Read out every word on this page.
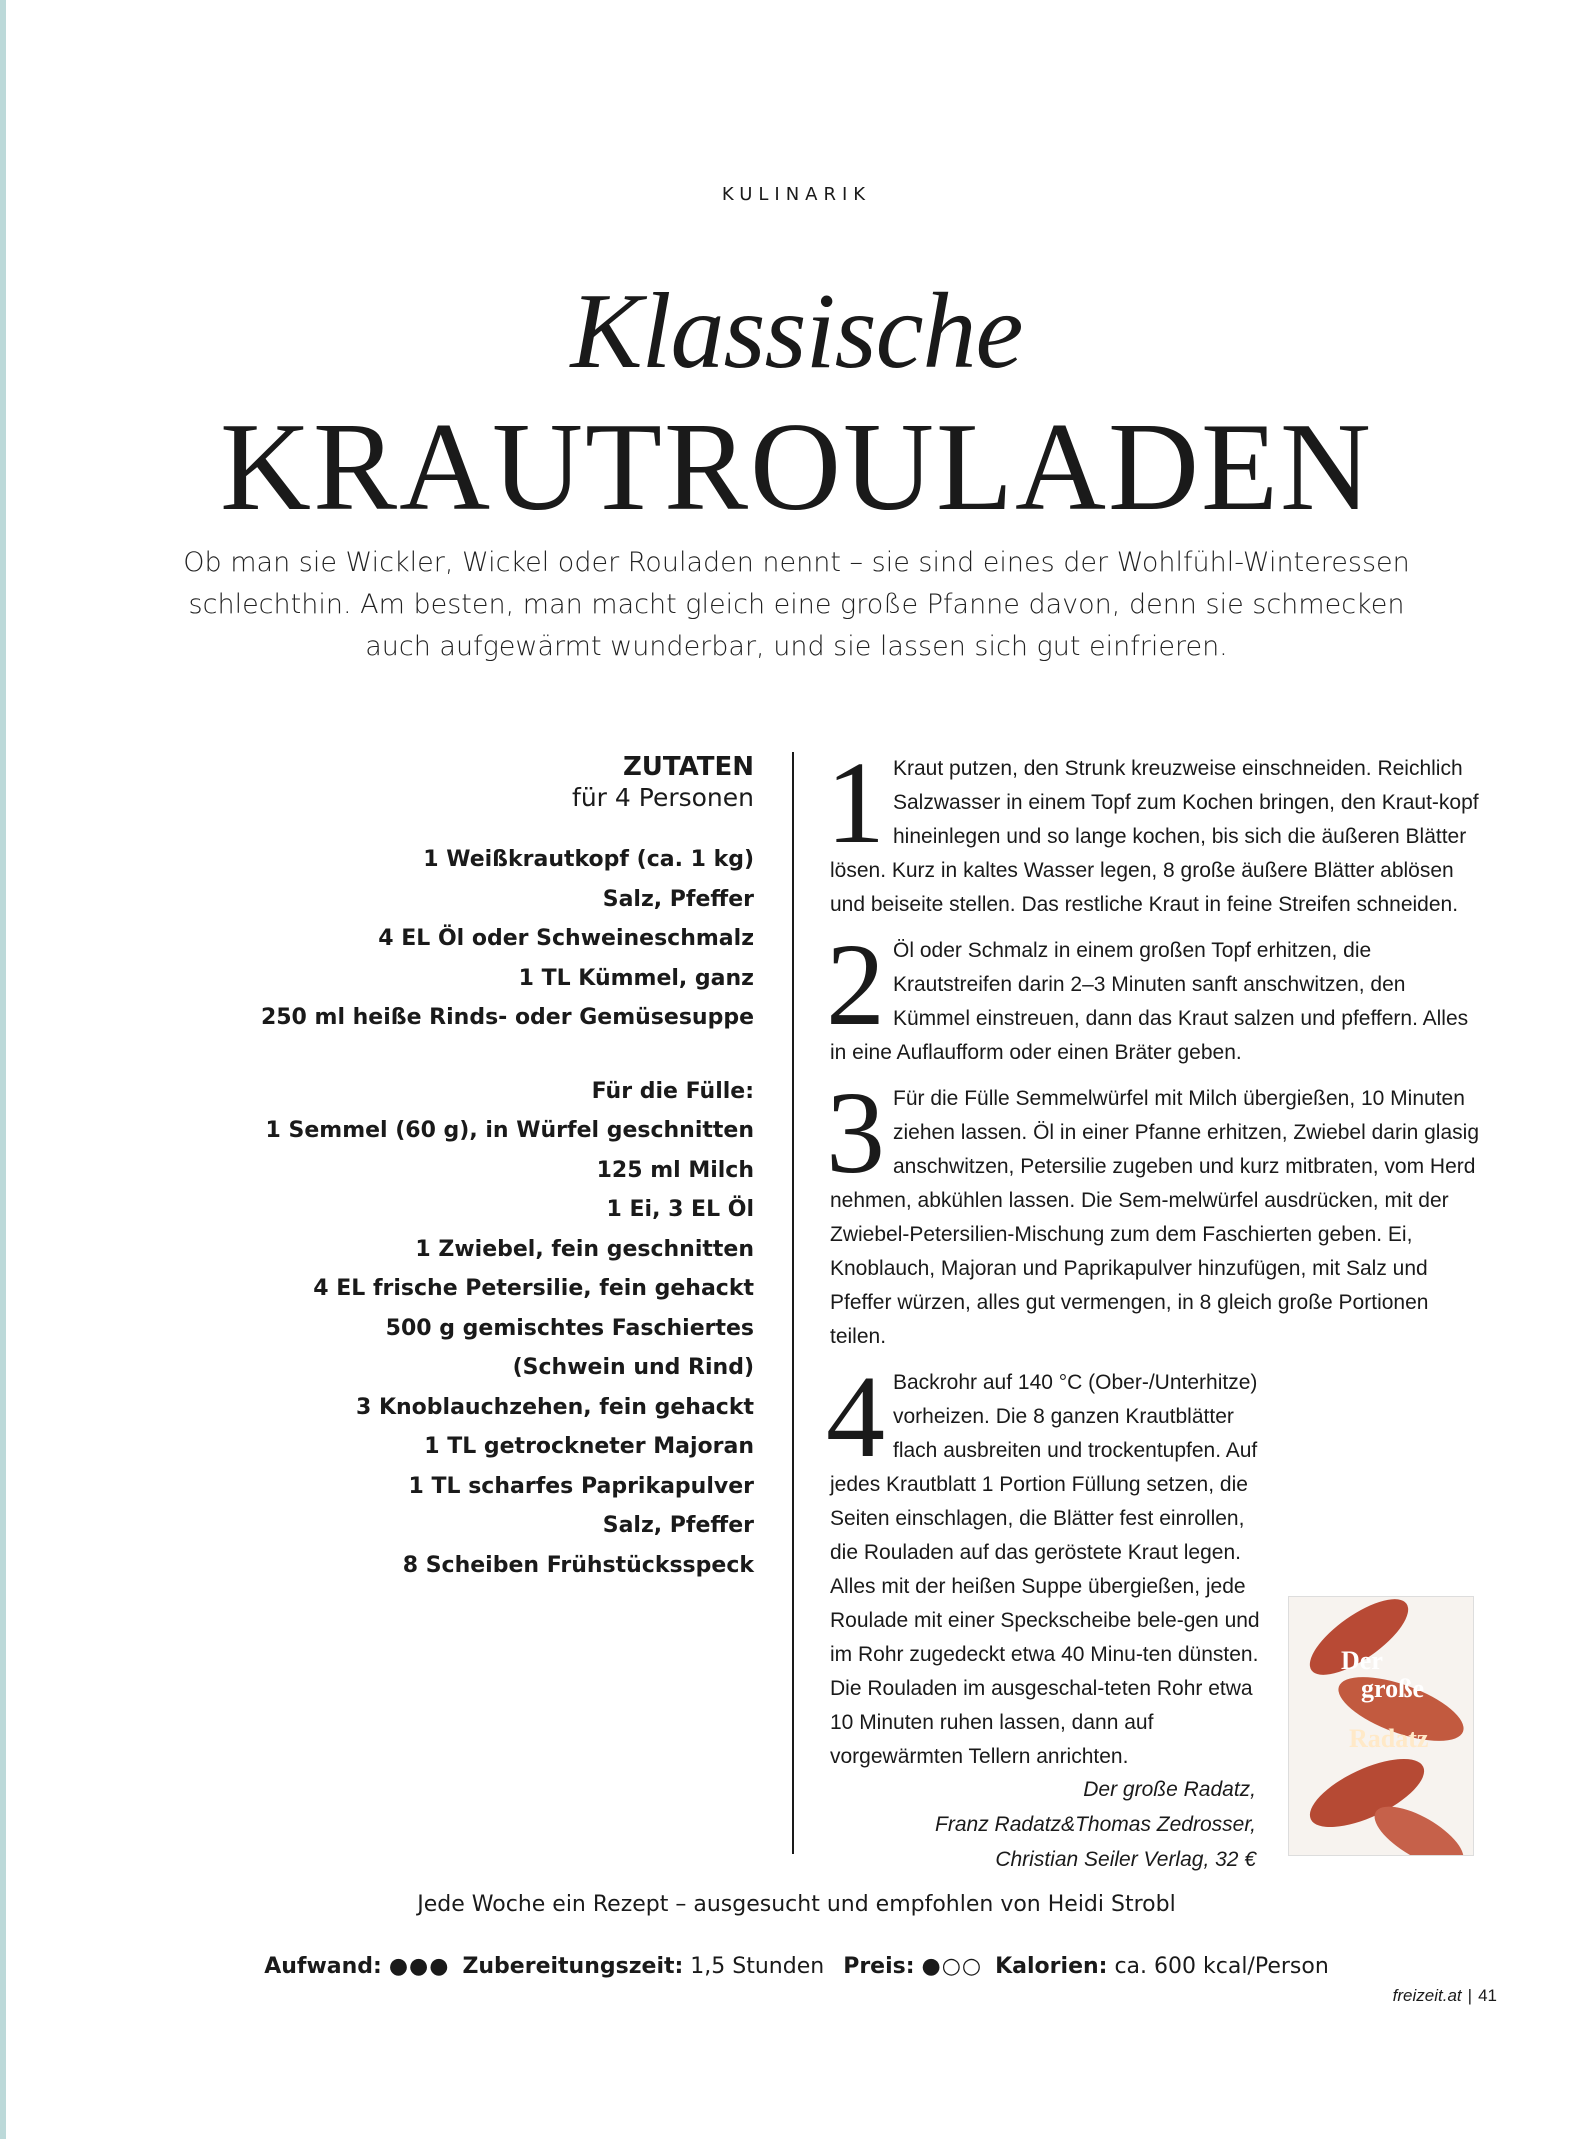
KULINARIK
Klassische
KRAUTROULADEN
Ob man sie Wickler, Wickel oder Rouladen nennt – sie sind eines der Wohlfühl-Winteressen schlechthin. Am besten, man macht gleich eine große Pfanne davon, denn sie schmecken auch aufgewärmt wunderbar, und sie lassen sich gut einfrieren.
ZUTATEN
für 4 Personen
1 Weißkrautkopf (ca. 1 kg)
Salz, Pfeffer
4 EL Öl oder Schweineschmalz
1 TL Kümmel, ganz
250 ml heiße Rinds- oder Gemüsesuppe
Für die Fülle:
1 Semmel (60 g), in Würfel geschnitten
125 ml Milch
1 Ei, 3 EL Öl
1 Zwiebel, fein geschnitten
4 EL frische Petersilie, fein gehackt
500 g gemischtes Faschiertes
(Schwein und Rind)
3 Knoblauchzehen, fein gehackt
1 TL getrockneter Majoran
1 TL scharfes Paprikapulver
Salz, Pfeffer
8 Scheiben Frühstücksspeck
1 Kraut putzen, den Strunk kreuzweise einschneiden. Reichlich Salzwasser in einem Topf zum Kochen bringen, den Kraut-kopf hineinlegen und so lange kochen, bis sich die äußeren Blätter lösen. Kurz in kaltes Wasser legen, 8 große äußere Blätter ablösen und beiseite stellen. Das restliche Kraut in feine Streifen schneiden.
2 Öl oder Schmalz in einem großen Topf erhitzen, die Krautstreifen darin 2–3 Minuten sanft anschwitzen, den Kümmel einstreuen, dann das Kraut salzen und pfeffern. Alles in eine Auflaufform oder einen Bräter geben.
3 Für die Fülle Semmelwürfel mit Milch übergießen, 10 Minuten ziehen lassen. Öl in einer Pfanne erhitzen, Zwiebel darin glasig anschwitzen, Petersilie zugeben und kurz mitbraten, vom Herd nehmen, abkühlen lassen. Die Sem-melwürfel ausdrücken, mit der Zwiebel-Petersilien-Mischung zum dem Faschierten geben. Ei, Knoblauch, Majoran und Paprikapulver hinzufügen, mit Salz und Pfeffer würzen, alles gut vermengen, in 8 gleich große Portionen teilen.
4 Backrohr auf 140 °C (Ober-/Unterhitze) vorheizen. Die 8 ganzen Krautblätter flach ausbreiten und trockentupfen. Auf jedes Krautblatt 1 Portion Füllung setzen, die Seiten einschlagen, die Blätter fest einrollen, die Rouladen auf das geröstete Kraut legen. Alles mit der heißen Suppe übergießen, jede Roulade mit einer Speckscheibe bele-gen und im Rohr zugedeckt etwa 40 Minu-ten dünsten. Die Rouladen im ausgeschal-teten Rohr etwa 10 Minuten ruhen lassen, dann auf vorgewärmten Tellern anrichten.
Der große Radatz,
Franz Radatz&Thomas Zedrosser,
Christian Seiler Verlag, 32 €
Der
große
Radatz
Jede Woche ein Rezept – ausgesucht und empfohlen von Heidi Strobl
Aufwand: ●●● Zubereitungszeit: 1,5 Stunden Preis: ●○○ Kalorien: ca. 600 kcal/Person
freizeit.at | 41
